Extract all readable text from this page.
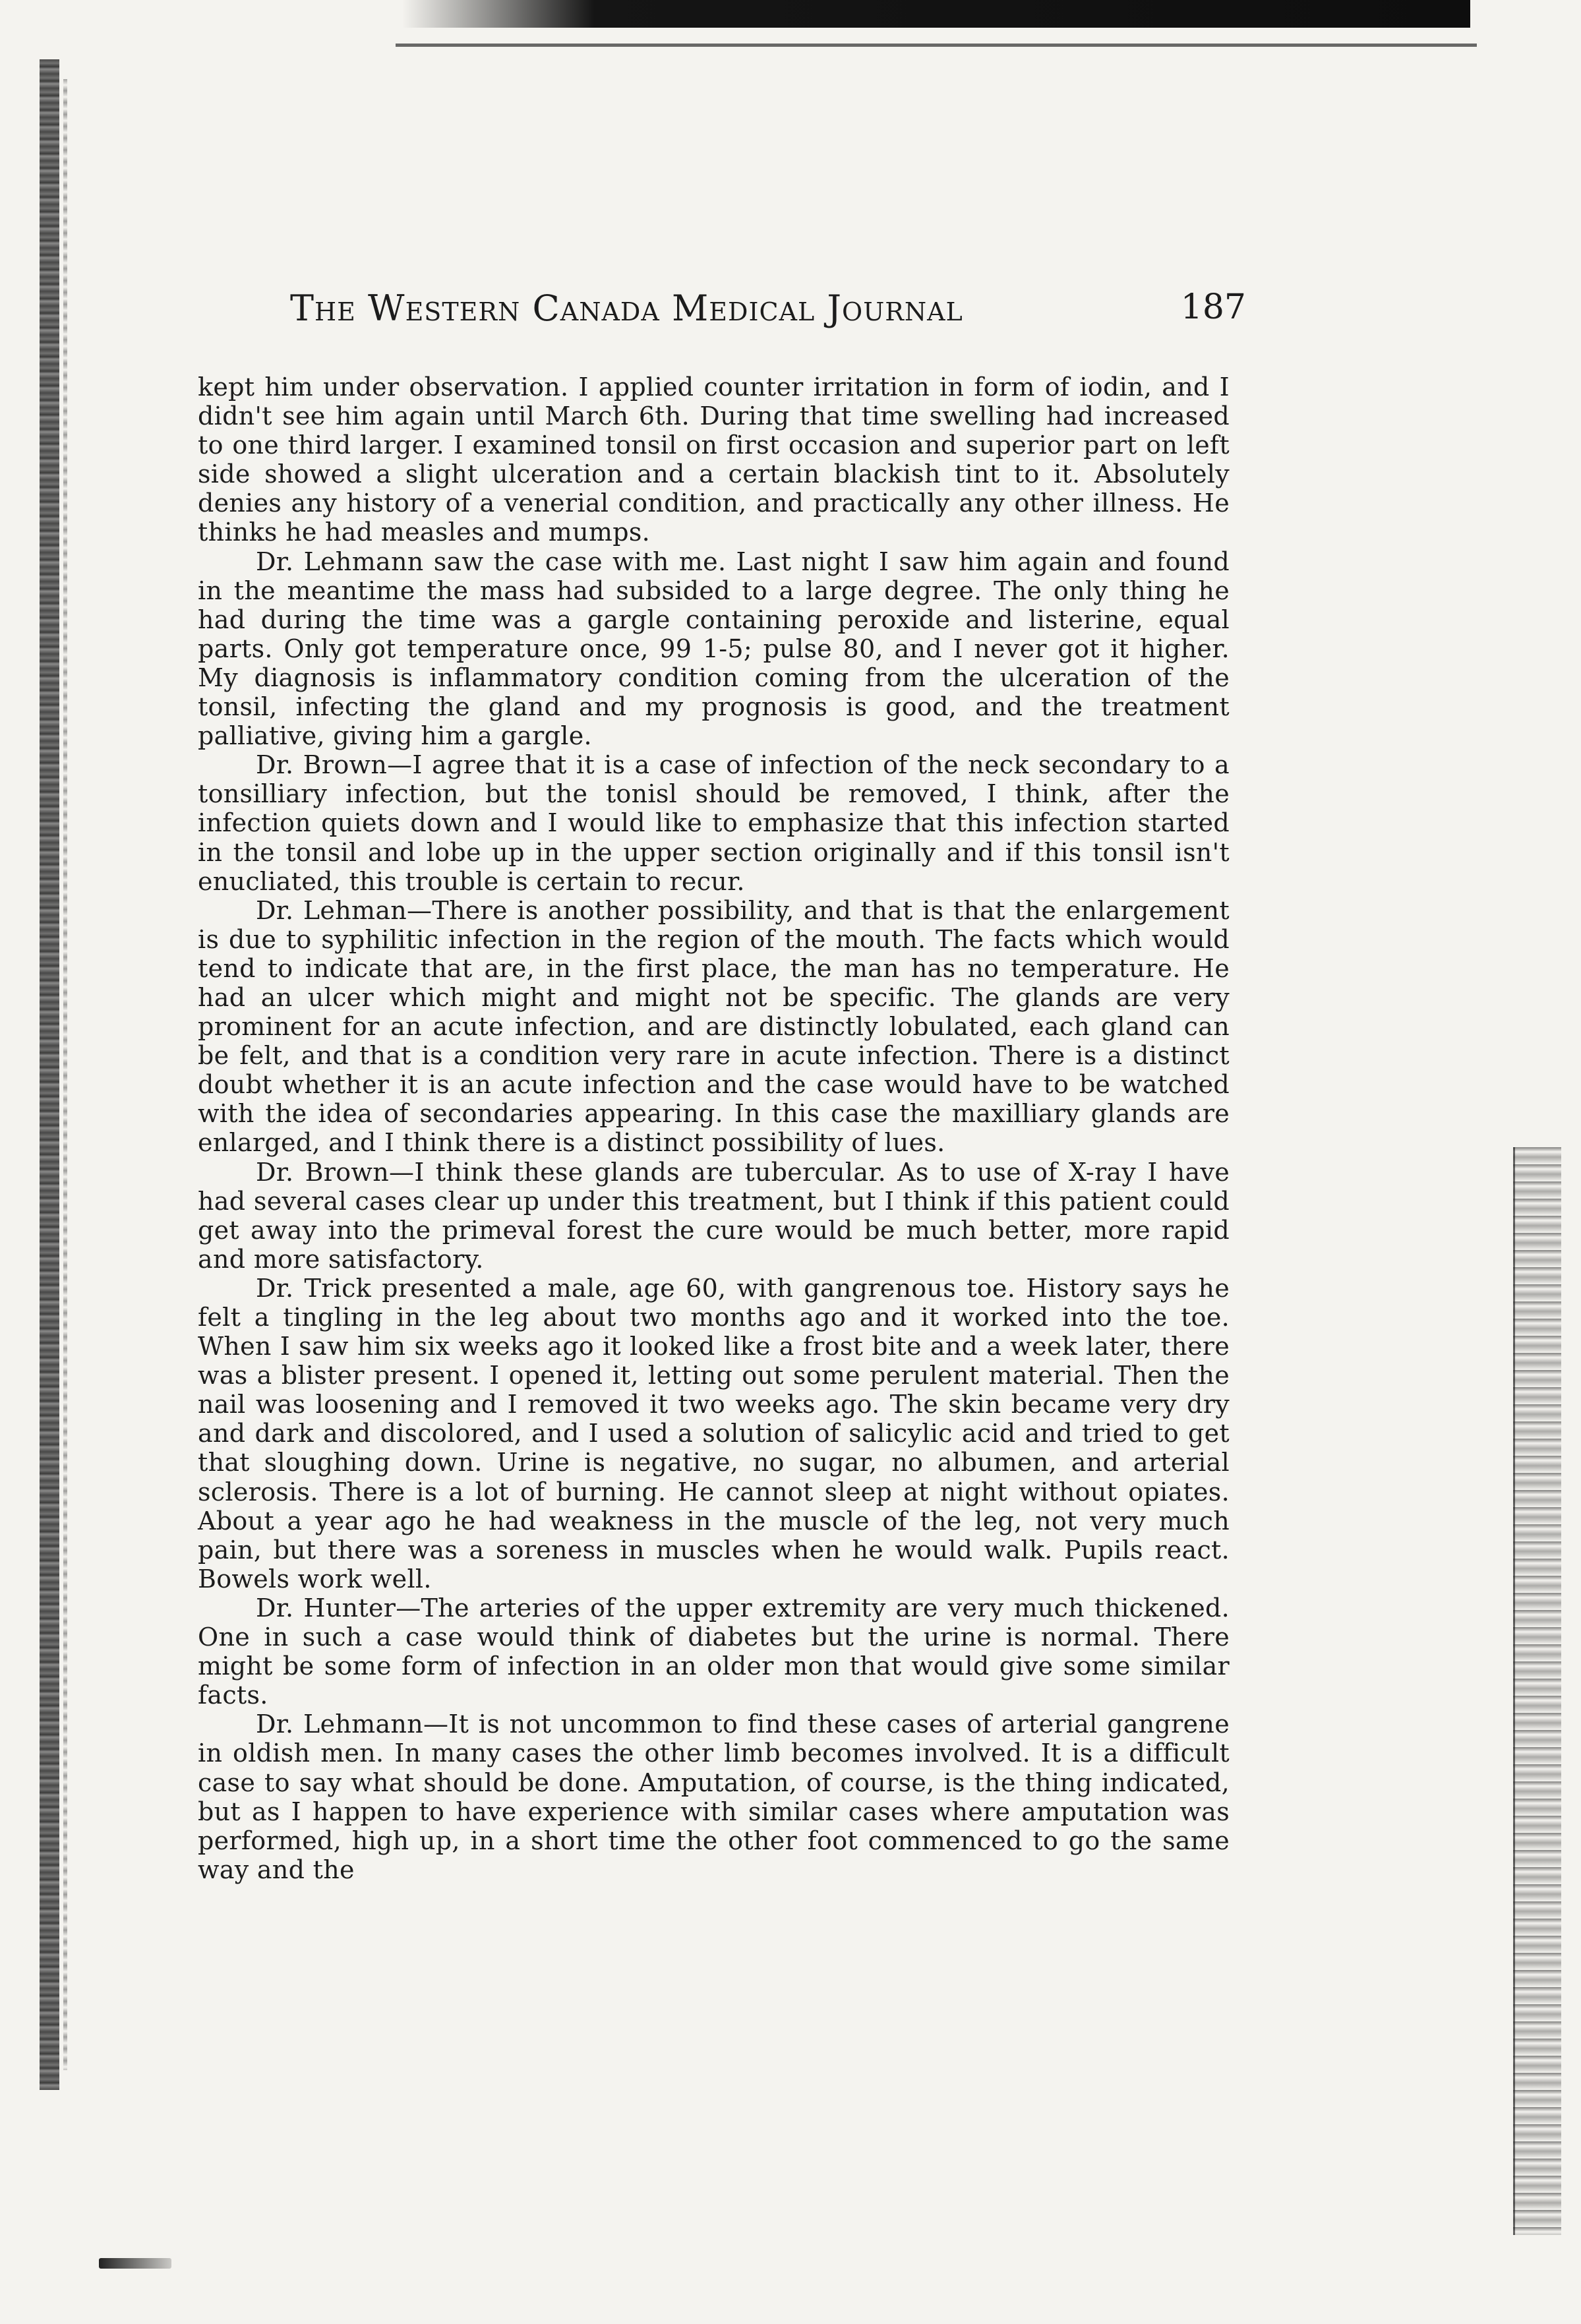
The Western Canada Medical Journal	187

kept him under observation. I applied counter irritation in form of iodin, and I didn't see him again until March 6th. During that time swelling had increased to one third larger. I examined tonsil on first occasion and superior part on left side showed a slight ulceration and a certain blackish tint to it. Absolutely denies any history of a venerial condition, and practically any other illness. He thinks he had measles and mumps.

Dr. Lehmann saw the case with me. Last night I saw him again and found in the meantime the mass had subsided to a large degree. The only thing he had during the time was a gargle containing peroxide and listerine, equal parts. Only got temperature once, 99 1-5; pulse 80, and I never got it higher. My diagnosis is inflammatory condition coming from the ulceration of the tonsil, infecting the gland and my prognosis is good, and the treatment palliative, giving him a gargle.

Dr. Brown—I agree that it is a case of infection of the neck secondary to a tonsilliary infection, but the tonisl should be removed, I think, after the infection quiets down and I would like to emphasize that this infection started in the tonsil and lobe up in the upper section originally and if this tonsil isn't enucliated, this trouble is certain to recur.

Dr. Lehman—There is another possibility, and that is that the enlargement is due to syphilitic infection in the region of the mouth. The facts which would tend to indicate that are, in the first place, the man has no temperature. He had an ulcer which might and might not be specific. The glands are very prominent for an acute infection, and are distinctly lobulated, each gland can be felt, and that is a condition very rare in acute infection. There is a distinct doubt whether it is an acute infection and the case would have to be watched with the idea of secondaries appearing. In this case the maxilliary glands are enlarged, and I think there is a distinct possibility of lues.

Dr. Brown—I think these glands are tubercular. As to use of X-ray I have had several cases clear up under this treatment, but I think if this patient could get away into the primeval forest the cure would be much better, more rapid and more satisfactory.

Dr. Trick presented a male, age 60, with gangrenous toe. History says he felt a tingling in the leg about two months ago and it worked into the toe. When I saw him six weeks ago it looked like a frost bite and a week later, there was a blister present. I opened it, letting out some perulent material. Then the nail was loosening and I removed it two weeks ago. The skin became very dry and dark and discolored, and I used a solution of salicylic acid and tried to get that sloughing down. Urine is negative, no sugar, no albumen, and arterial sclerosis. There is a lot of burning. He cannot sleep at night without opiates. About a year ago he had weakness in the muscle of the leg, not very much pain, but there was a soreness in muscles when he would walk. Pupils react. Bowels work well.

Dr. Hunter—The arteries of the upper extremity are very much thickened. One in such a case would think of diabetes but the urine is normal. There might be some form of infection in an older mon that would give some similar facts.

Dr. Lehmann—It is not uncommon to find these cases of arterial gangrene in oldish men. In many cases the other limb becomes involved. It is a difficult case to say what should be done. Amputation, of course, is the thing indicated, but as I happen to have experience with similar cases where amputation was performed, high up, in a short time the other foot commenced to go the same way and the
